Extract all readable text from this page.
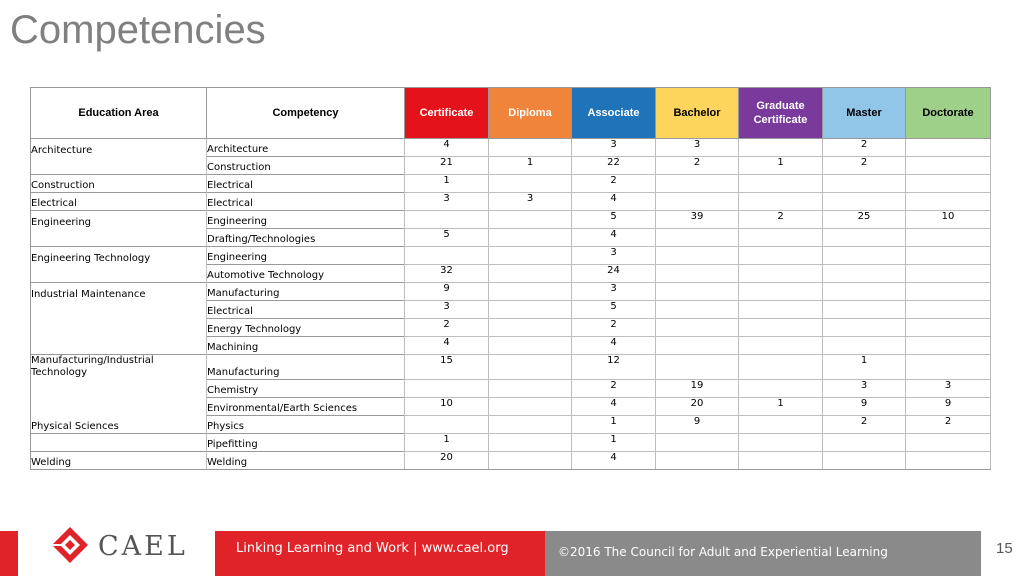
Competencies
Education Area	Competency	Certificate	Diploma	Associate	Bachelor	Graduate Certificate	Master	Doctorate
Architecture	Architecture	4		3	3		2	
	Construction	21	1	22	2	1	2	
Construction	Electrical	1		2				
Electrical	Electrical	3	3	4				
Engineering	Engineering			5	39	2	25	10
	Drafting/Technologies	5		4				
Engineering Technology	Engineering			3				
	Automotive Technology	32		24				
Industrial Maintenance	Manufacturing	9		3				
	Electrical	3		5				
	Energy Technology	2		2				
	Machining	4		4				
Manufacturing/Industrial Technology	Manufacturing	15		12			1	
	Chemistry			2	19		3	3
	Environmental/Earth Sciences	10		4	20	1	9	9
Physical Sciences	Physics			1	9		2	2
	Pipefitting	1		1				
Welding	Welding	20		4				
CAEL	Linking Learning and Work | www.cael.org	©2016 The Council for Adult and Experiential Learning	15
